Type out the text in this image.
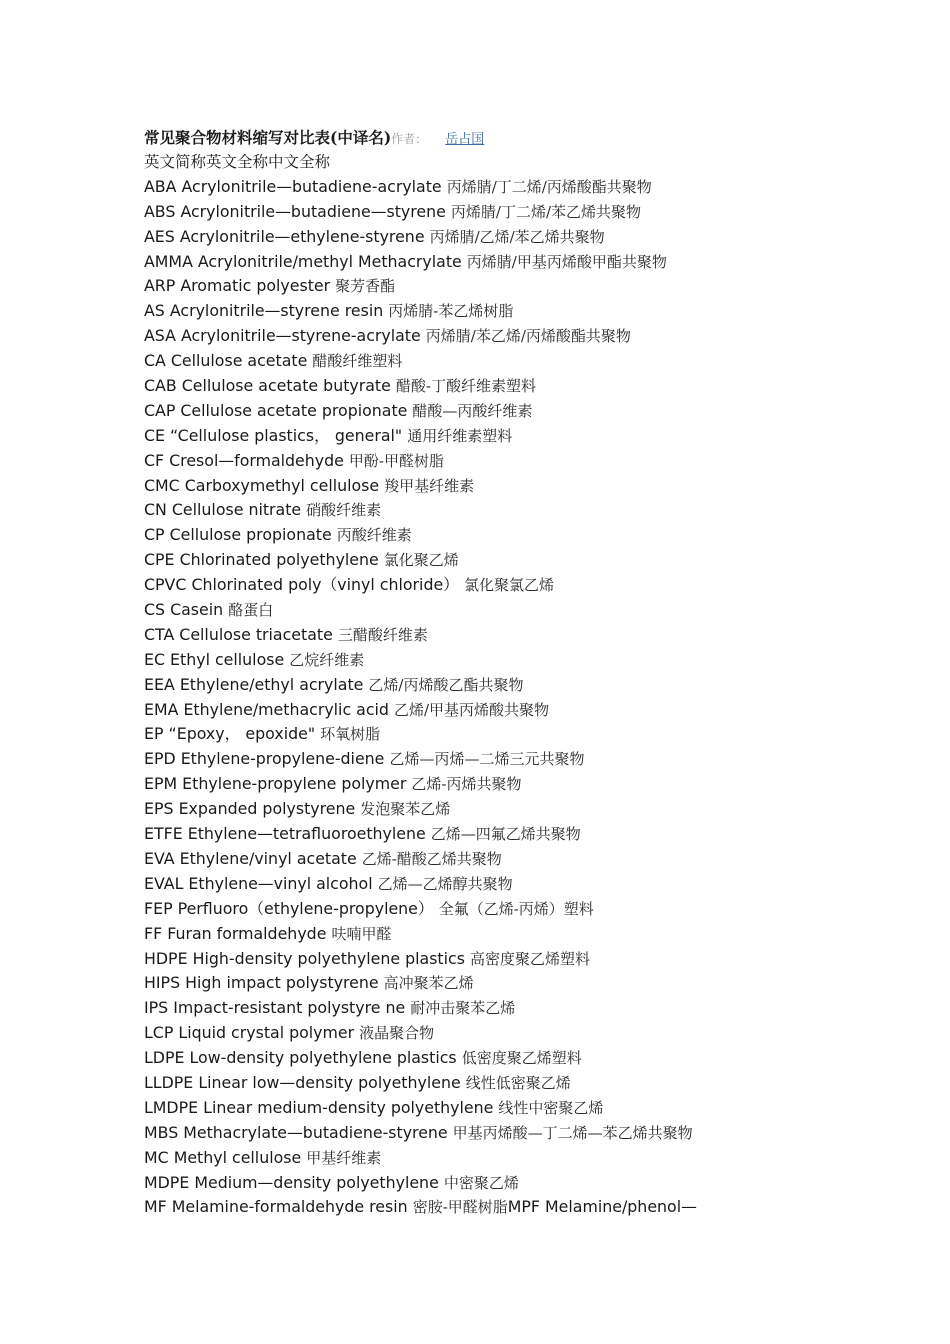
常见聚合物材料缩写对比表(中译名)作者： 岳占国
英文简称英文全称中文全称
ABA Acrylonitrile—butadiene-acrylate 丙烯腈/丁二烯/丙烯酸酯共聚物
ABS Acrylonitrile—butadiene—styrene 丙烯腈/丁二烯/苯乙烯共聚物
AES Acrylonitrile—ethylene-styrene 丙烯腈/乙烯/苯乙烯共聚物
AMMA Acrylonitrile/methyl Methacrylate 丙烯腈/甲基丙烯酸甲酯共聚物
ARP Aromatic polyester 聚芳香酯
AS Acrylonitrile—styrene resin 丙烯腈-苯乙烯树脂
ASA Acrylonitrile—styrene-acrylate 丙烯腈/苯乙烯/丙烯酸酯共聚物
CA Cellulose acetate 醋酸纤维塑料
CAB Cellulose acetate butyrate 醋酸-丁酸纤维素塑料
CAP Cellulose acetate propionate 醋酸—丙酸纤维素
CE “Cellulose plastics， general" 通用纤维素塑料
CF Cresol—formaldehyde 甲酚-甲醛树脂
CMC Carboxymethyl cellulose 羧甲基纤维素
CN Cellulose nitrate 硝酸纤维素
CP Cellulose propionate 丙酸纤维素
CPE Chlorinated polyethylene 氯化聚乙烯
CPVC Chlorinated poly（vinyl chloride） 氯化聚氯乙烯
CS Casein 酪蛋白
CTA Cellulose triacetate 三醋酸纤维素
EC Ethyl cellulose 乙烷纤维素
EEA Ethylene/ethyl acrylate 乙烯/丙烯酸乙酯共聚物
EMA Ethylene/methacrylic acid 乙烯/甲基丙烯酸共聚物
EP “Epoxy， epoxide" 环氧树脂
EPD Ethylene-propylene-diene 乙烯—丙烯—二烯三元共聚物
EPM Ethylene-propylene polymer 乙烯-丙烯共聚物
EPS Expanded polystyrene 发泡聚苯乙烯
ETFE Ethylene—tetrafluoroethylene 乙烯—四氟乙烯共聚物
EVA Ethylene/vinyl acetate 乙烯-醋酸乙烯共聚物
EVAL Ethylene—vinyl alcohol 乙烯—乙烯醇共聚物
FEP Perfluoro（ethylene-propylene） 全氟（乙烯-丙烯）塑料
FF Furan formaldehyde 呋喃甲醛
HDPE High-density polyethylene plastics 高密度聚乙烯塑料
HIPS High impact polystyrene 高冲聚苯乙烯
IPS Impact-resistant polystyre ne 耐冲击聚苯乙烯
LCP Liquid crystal polymer 液晶聚合物
LDPE Low-density polyethylene plastics 低密度聚乙烯塑料
LLDPE Linear low—density polyethylene 线性低密聚乙烯
LMDPE Linear medium-density polyethylene 线性中密聚乙烯
MBS Methacrylate—butadiene-styrene 甲基丙烯酸—丁二烯—苯乙烯共聚物
MC Methyl cellulose 甲基纤维素
MDPE Medium—density polyethylene 中密聚乙烯
MF Melamine-formaldehyde resin 密胺-甲醛树脂MPF Melamine/phenol—
